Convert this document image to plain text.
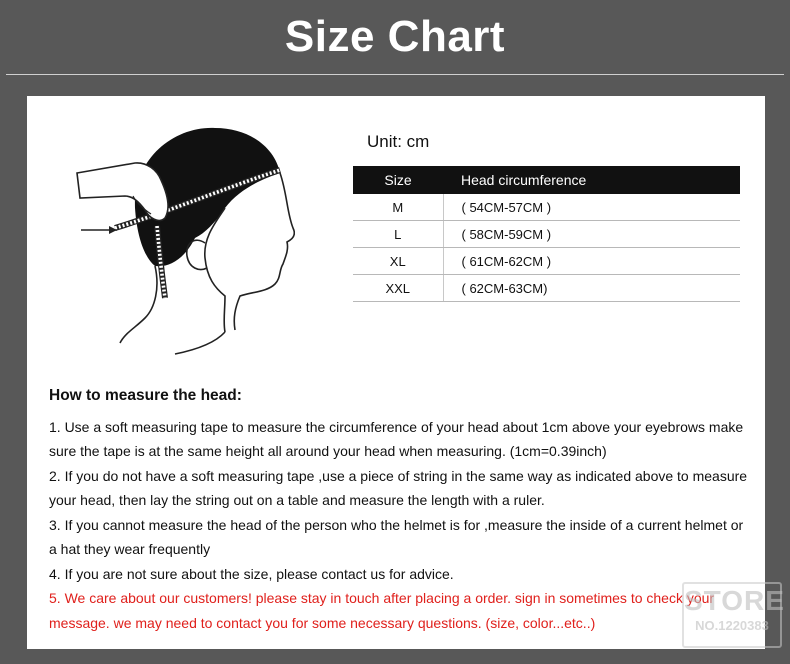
Size Chart
Unit: cm
Size	Head circumference
M	( 54CM-57CM )
L	( 58CM-59CM )
XL	( 61CM-62CM )
XXL	( 62CM-63CM)
How to measure the head:

1. Use a soft measuring tape to measure the circumference of your head about 1cm above your eyebrows make sure the tape is at the same height all around your head when measuring. (1cm=0.39inch)

2. If you do not have a soft measuring tape ,use a piece of string in the same way as indicated above to measure your head, then lay the string out on a table and measure the length with a ruler.

3. If you cannot measure the head of the person who the helmet is for ,measure the inside of a current helmet or a hat they wear frequently

4. If you are not sure about the size, please contact us for advice.

5. We care about our customers! please stay in touch after placing a order. sign in sometimes to check your message. we may need to contact you for some necessary questions. (size, color...etc..)

STORE
NO.1220383
